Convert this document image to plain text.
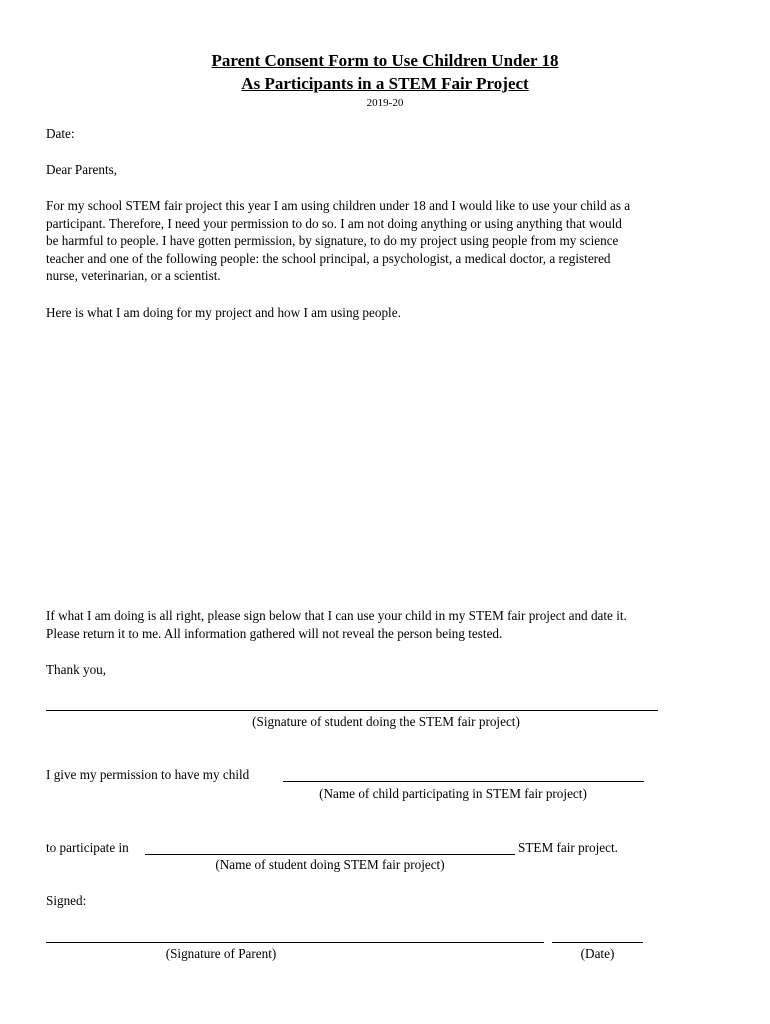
Parent Consent Form to Use Children Under 18
As Participants in a STEM Fair Project
2019-20
Date:
Dear Parents,
For my school STEM fair project this year I am using children under 18 and I would like to use your child as a
participant. Therefore, I need your permission to do so. I am not doing anything or using anything that would
be harmful to people. I have gotten permission, by signature, to do my project using people from my science
teacher and one of the following people: the school principal, a psychologist, a medical doctor, a registered
nurse, veterinarian, or a scientist.
Here is what I am doing for my project and how I am using people.
If what I am doing is all right, please sign below that I can use your child in my STEM fair project and date it.
Please return it to me. All information gathered will not reveal the person being tested.
Thank you,
(Signature of student doing the STEM fair project)
I give my permission to have my child
(Name of child participating in STEM fair project)
to participate in	STEM fair project.
(Name of student doing STEM fair project)
Signed:
(Signature of Parent)	(Date)
